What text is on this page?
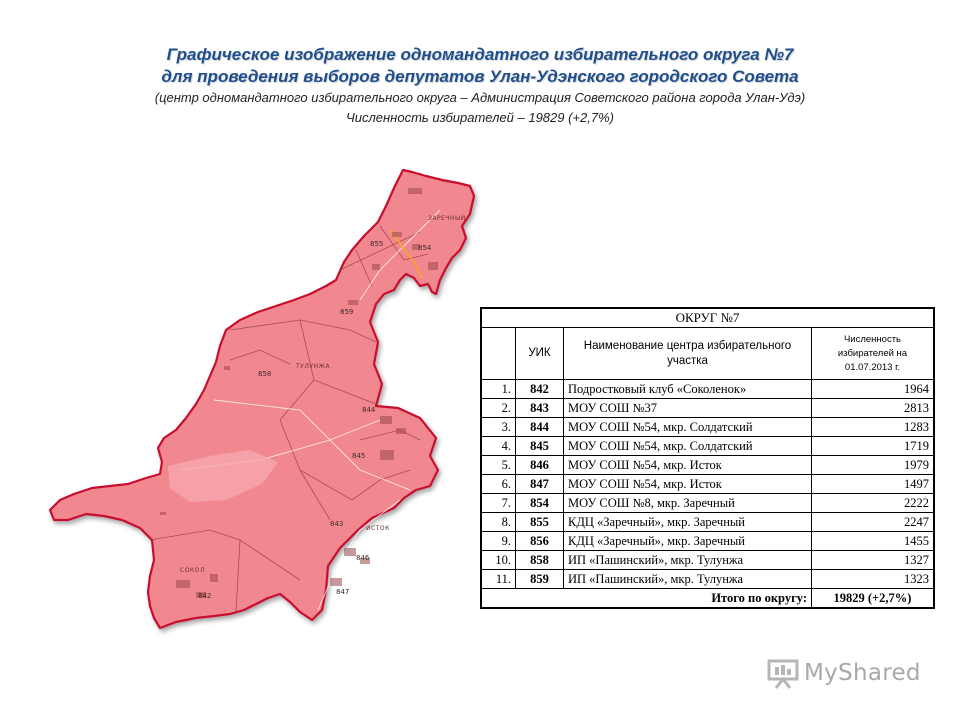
Графическое изображение одномандатного избирательного округа №7
для проведения выборов депутатов Улан-Удэнского городского Совета
(центр одномандатного избирательного округа – Администрация Советского района города Улан-Удэ)
Численность избирателей – 19829 (+2,7%)
855	854
859
858
844
845
846
843
847
842
ЗАРЕЧНЫЙ
ТУЛУНЖА
ИСТОК
СОКОЛ
ОКРУГ №7			
	УИК	Наименование центра избирательного участка	Численность избирателей на 01.07.2013 г.
1.	842	Подростковый клуб «Соколенок»	1964
2.	843	МОУ СОШ №37	2813
3.	844	МОУ СОШ №54, мкр. Солдатский	1283
4.	845	МОУ СОШ №54, мкр. Солдатский	1719
5.	846	МОУ СОШ №54, мкр. Исток	1979
6.	847	МОУ СОШ №54, мкр. Исток	1497
7.	854	МОУ СОШ №8, мкр. Заречный	2222
8.	855	КДЦ «Заречный», мкр. Заречный	2247
9.	856	КДЦ «Заречный», мкр. Заречный	1455
10.	858	ИП «Пашинский», мкр. Тулунжа	1327
11.	859	ИП «Пашинский», мкр. Тулунжа	1323
Итого по округу:			19829 (+2,7%)
MyShared
